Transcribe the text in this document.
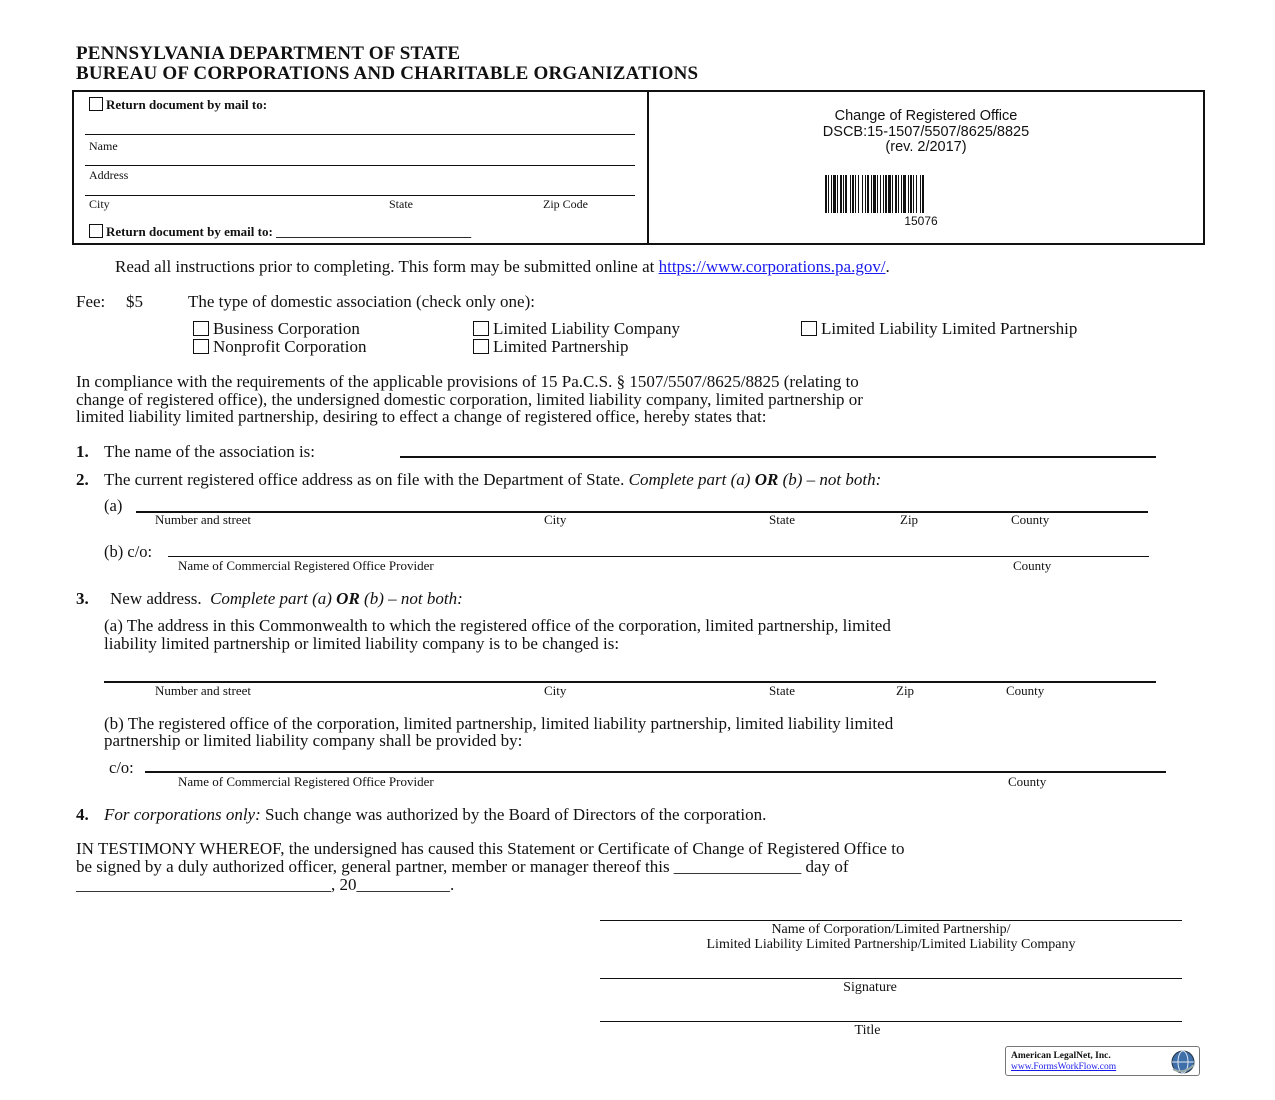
PENNSYLVANIA DEPARTMENT OF STATE
BUREAU OF CORPORATIONS AND CHARITABLE ORGANIZATIONS
Return document by mail to:
Name
Address
City	State	Zip Code
Return document by email to: ______________________________
Change of Registered Office
DSCB:15-1507/5507/8625/8825
(rev. 2/2017)
15076
Read all instructions prior to completing. This form may be submitted online at https://www.corporations.pa.gov/.
Fee: $5	The type of domestic association (check only one):
Business Corporation	Limited Liability Company	Limited Liability Limited Partnership
Nonprofit Corporation	Limited Partnership
In compliance with the requirements of the applicable provisions of 15 Pa.C.S. § 1507/5507/8625/8825 (relating to
change of registered office), the undersigned domestic corporation, limited liability company, limited partnership or
limited liability limited partnership, desiring to effect a change of registered office, hereby states that:
1. The name of the association is:
2. The current registered office address as on file with the Department of State. Complete part (a) OR (b) – not both:
(a)
Number and street	City	State	Zip	County
(b) c/o:
Name of Commercial Registered Office Provider	County
3. New address. Complete part (a) OR (b) – not both:
(a) The address in this Commonwealth to which the registered office of the corporation, limited partnership, limited
liability limited partnership or limited liability company is to be changed is:
Number and street	City	State	Zip	County
(b) The registered office of the corporation, limited partnership, limited liability partnership, limited liability limited
partnership or limited liability company shall be provided by:
c/o:
Name of Commercial Registered Office Provider	County
4. For corporations only: Such change was authorized by the Board of Directors of the corporation.
IN TESTIMONY WHEREOF, the undersigned has caused this Statement or Certificate of Change of Registered Office to
be signed by a duly authorized officer, general partner, member or manager thereof this _______________ day of
______________________________, 20___________.
Name of Corporation/Limited Partnership/
Limited Liability Limited Partnership/Limited Liability Company
Signature
Title
American LegalNet, Inc.
www.FormsWorkFlow.com
